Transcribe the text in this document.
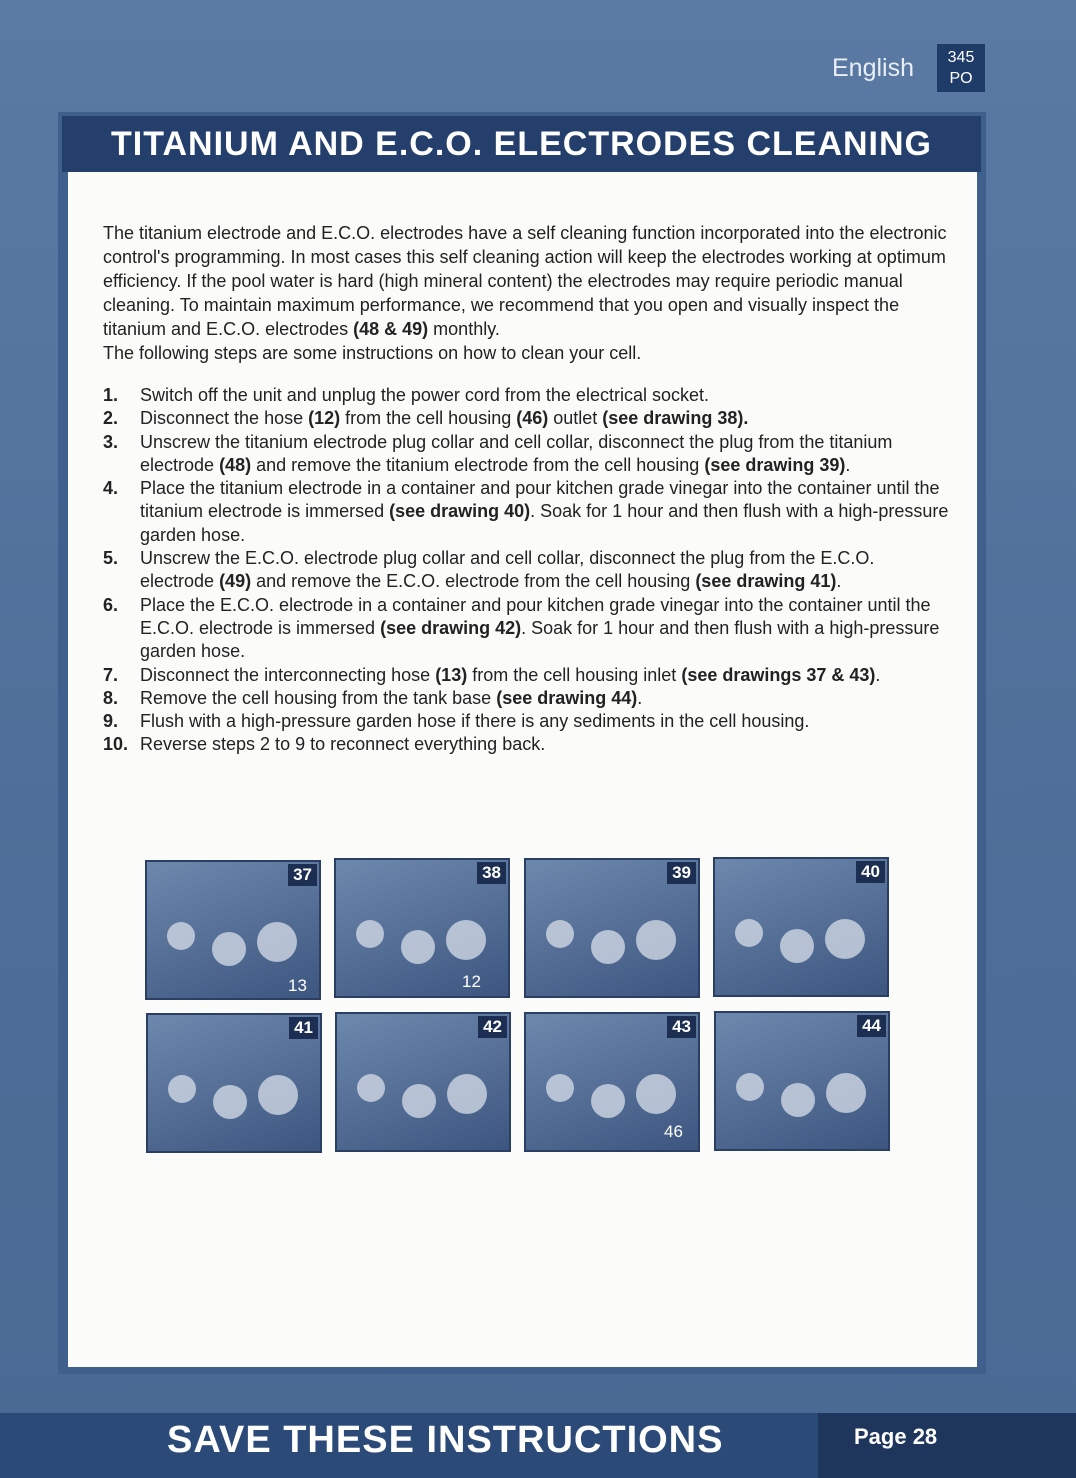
English	345
PO
TITANIUM AND E.C.O. ELECTRODES CLEANING

The titanium electrode and E.C.O. electrodes have a self cleaning function incorporated into the electronic control's programming. In most cases this self cleaning action will keep the electrodes working at optimum efficiency. If the pool water is hard (high mineral content) the electrodes may require periodic manual cleaning. To maintain maximum performance, we recommend that you open and visually inspect the titanium and E.C.O. electrodes (48 & 49) monthly.
The following steps are some instructions on how to clean your cell.

1. Switch off the unit and unplug the power cord from the electrical socket.
2. Disconnect the hose (12) from the cell housing (46) outlet (see drawing 38).
3. Unscrew the titanium electrode plug collar and cell collar, disconnect the plug from the titanium electrode (48) and remove the titanium electrode from the cell housing (see drawing 39).
4. Place the titanium electrode in a container and pour kitchen grade vinegar into the container until the titanium electrode is immersed (see drawing 40). Soak for 1 hour and then flush with a high-pressure garden hose.
5. Unscrew the E.C.O. electrode plug collar and cell collar, disconnect the plug from the E.C.O. electrode (49) and remove the E.C.O. electrode from the cell housing (see drawing 41).
6. Place the E.C.O. electrode in a container and pour kitchen grade vinegar into the container until the E.C.O. electrode is immersed (see drawing 42). Soak for 1 hour and then flush with a high-pressure garden hose.
7. Disconnect the interconnecting hose (13) from the cell housing inlet (see drawings 37 & 43).
8. Remove the cell housing from the tank base (see drawing 44).
9. Flush with a high-pressure garden hose if there is any sediments in the cell housing.
10. Reverse steps 2 to 9 to reconnect everything back.
37
13
38
12
39	40
41	42	43
46
44
SAVE THESE INSTRUCTIONS	Page 28
